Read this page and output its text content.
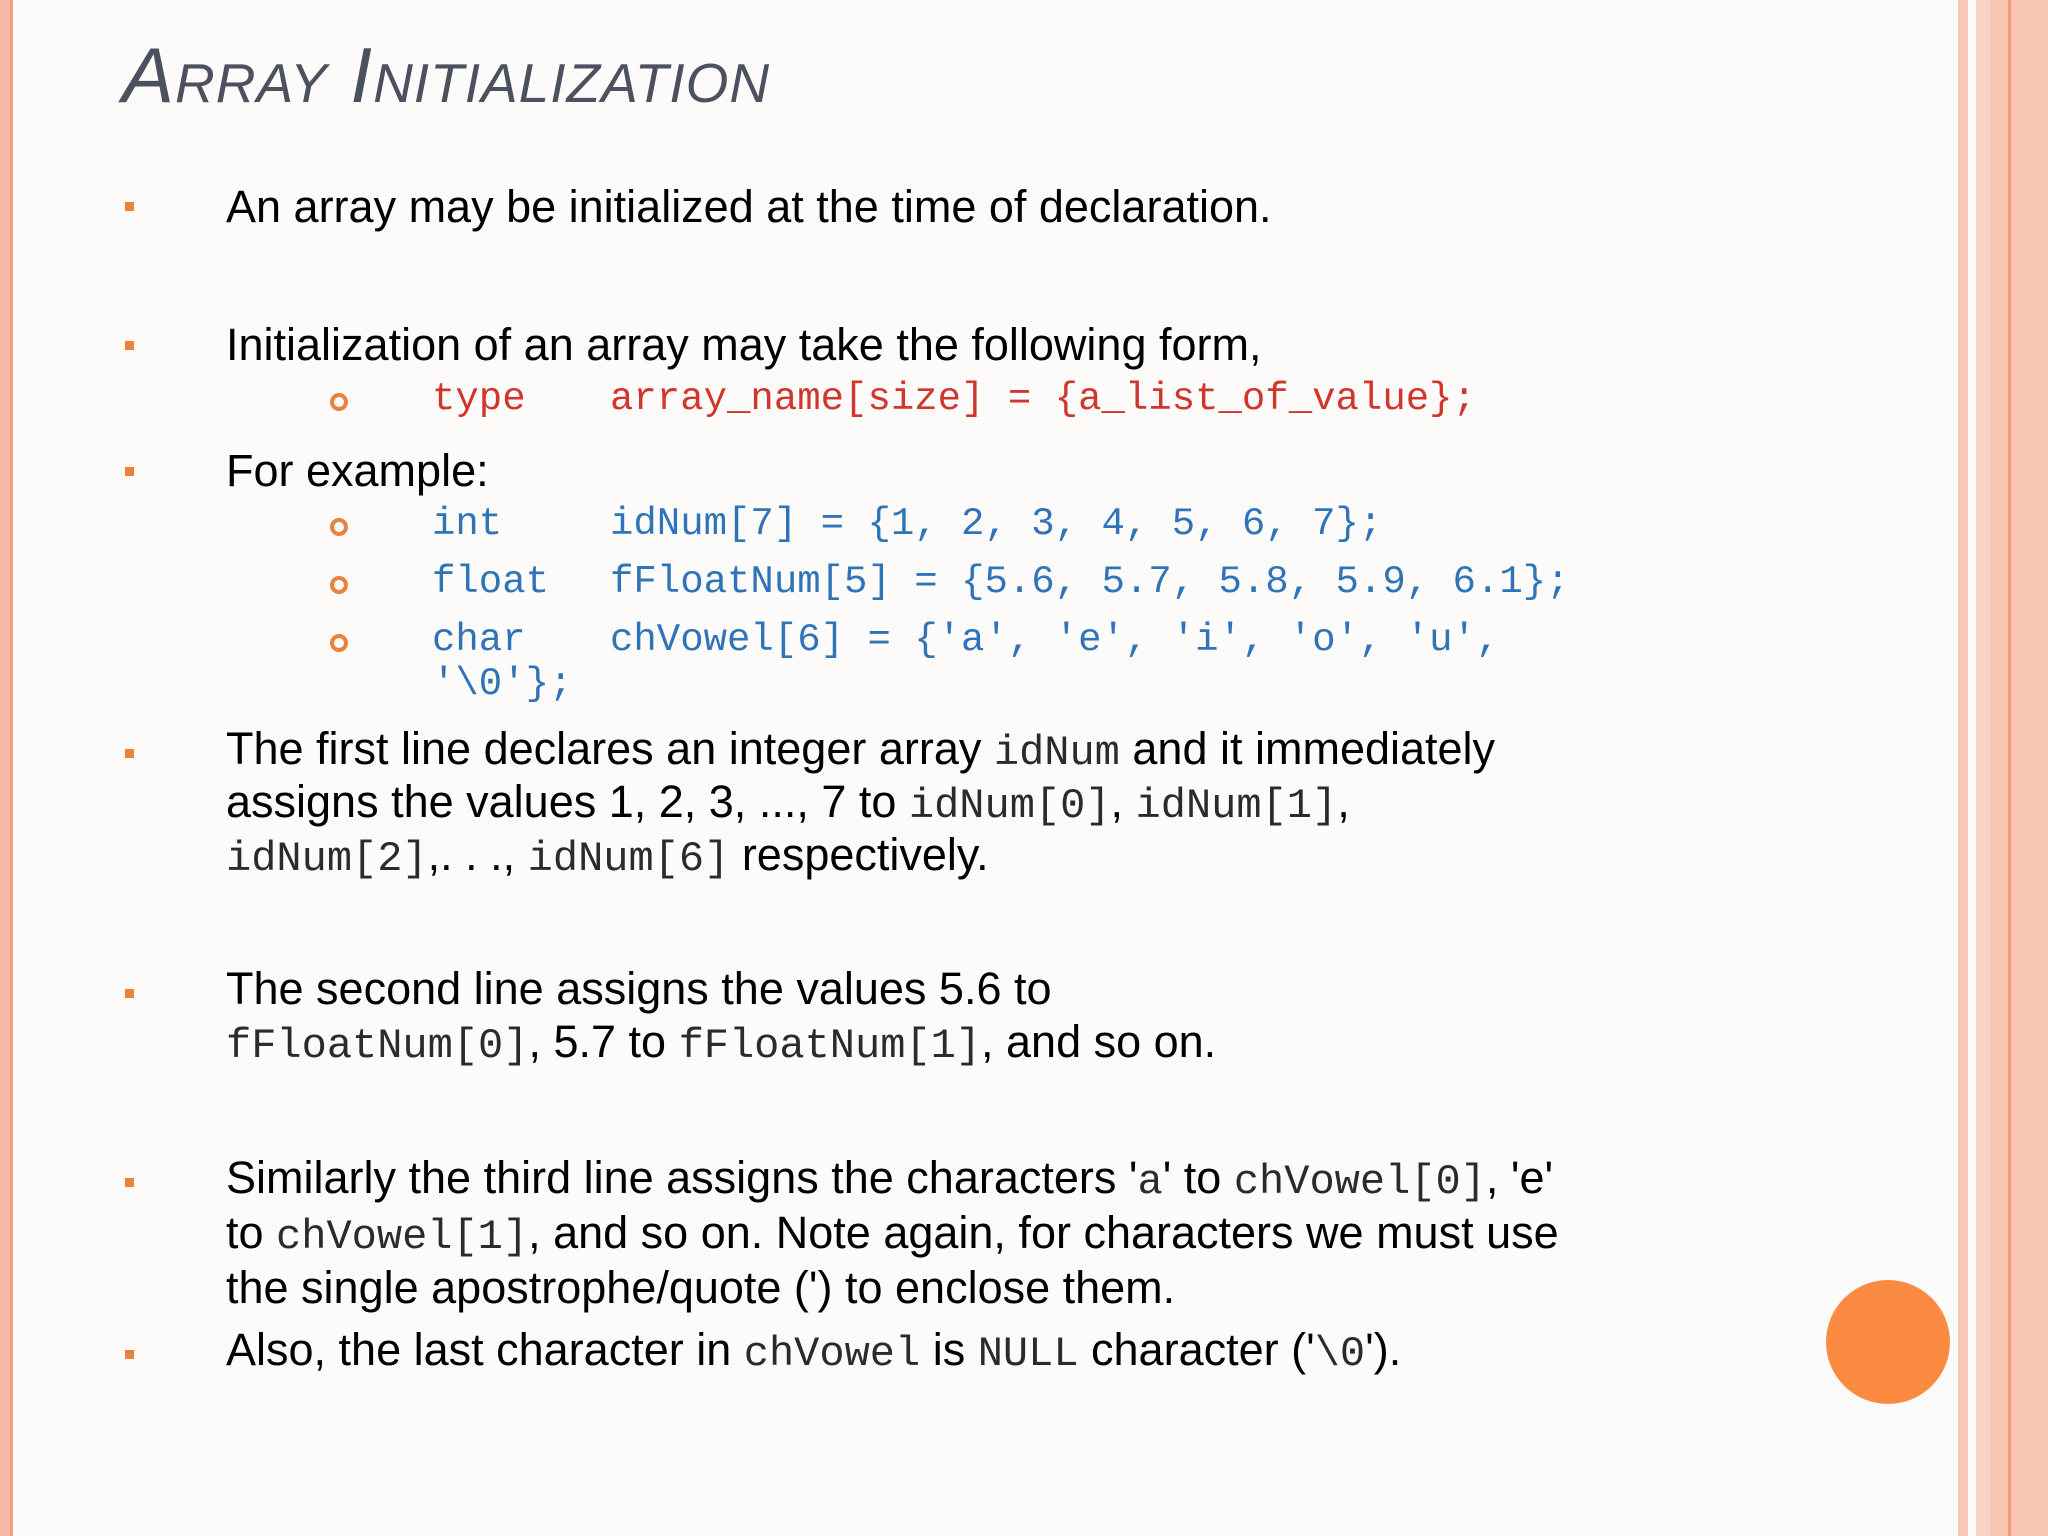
Array Initialization
An array may be initialized at the time of declaration.
Initialization of an array may take the following form,
type array_name[size] = {a_list_of_value};
For example:
int	idNum[7] = {1, 2, 3, 4, 5, 6, 7};
float fFloatNum[5] = {5.6, 5.7, 5.8, 5.9, 6.1};
char chVowel[6] = {'a', 'e', 'i', 'o', 'u',
'\0'};
The first line declares an integer array idNum and it immediately
assigns the values 1, 2, 3, ..., 7 to idNum[0], idNum[1],
idNum[2],. . ., idNum[6] respectively.
The second line assigns the values 5.6 to
fFloatNum[0], 5.7 to fFloatNum[1], and so on.
Similarly the third line assigns the characters 'a' to chVowel[0], 'e'
to chVowel[1], and so on. Note again, for characters we must use
the single apostrophe/quote (') to enclose them.
Also, the last character in chVowel is NULL character ('\0').
